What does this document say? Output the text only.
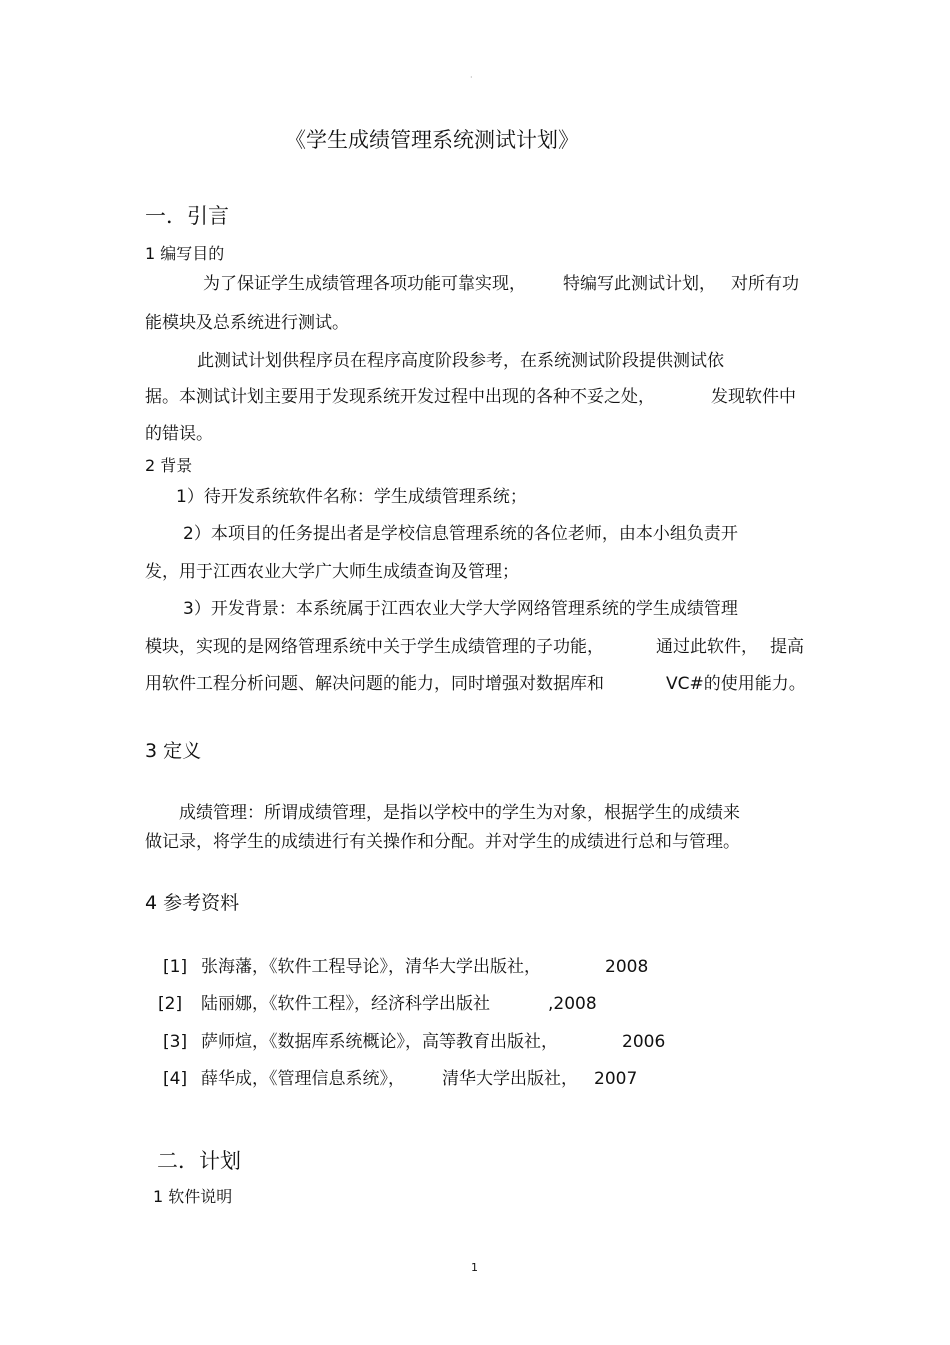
·
《学生成绩管理系统测试计划》
一．引言
1 编写目的
为了保证学生成绩管理各项功能可靠实现， 特编写此测试计划， 对所有功
能模块及总系统进行测试。
此测试计划供程序员在程序高度阶段参考，在系统测试阶段提供测试依
据。本测试计划主要用于发现系统开发过程中出现的各种不妥之处，	发现软件中
的错误。
2 背景
1）待开发系统软件名称：学生成绩管理系统；
2）本项目的任务提出者是学校信息管理系统的各位老师，由本小组负责开
发，用于江西农业大学广大师生成绩查询及管理；
3）开发背景：本系统属于江西农业大学大学网络管理系统的学生成绩管理
模块，实现的是网络管理系统中关于学生成绩管理的子功能，	通过此软件， 提高
用软件工程分析问题、解决问题的能力，同时增强对数据库和	VC#的使用能力。
3 定义
成绩管理：所谓成绩管理，是指以学校中的学生为对象，根据学生的成绩来
做记录，将学生的成绩进行有关操作和分配。并对学生的成绩进行总和与管理。
4 参考资料
[1] 张海藩，《软件工程导论》，清华大学出版社，	2008
[2] 陆丽娜，《软件工程》，经济科学出版社	,2008
[3] 萨师煊，《数据库系统概论》，高等教育出版社，	2006
[4] 薛华成，《管理信息系统》， 清华大学出版社， 2007
二．计划
1 软件说明
1
